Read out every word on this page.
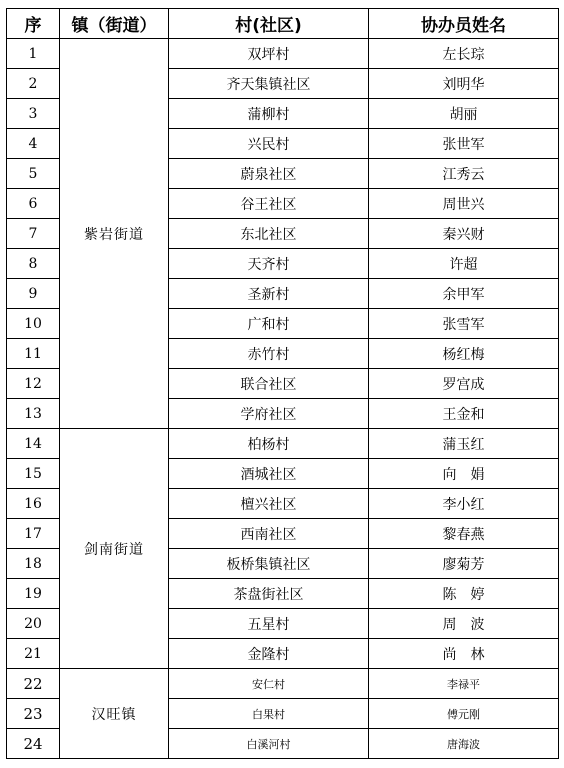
序	镇（街道）	村(社区)	协办员姓名
1	紫岩街道	双坪村	左长琮
2		齐天集镇社区	刘明华
3		蒲柳村	胡丽
4		兴民村	张世军
5		蔚泉社区	江秀云
6		谷王社区	周世兴
7		东北社区	秦兴财
8		天齐村	许超
9		圣新村	余甲军
10		广和村	张雪军
11		赤竹村	杨红梅
12		联合社区	罗宫成
13		学府社区	王金和
14	剑南街道	柏杨村	蒲玉红
15		酒城社区	向　娟
16		檀兴社区	李小红
17		西南社区	黎春燕
18		板桥集镇社区	廖菊芳
19		茶盘街社区	陈　婷
20		五星村	周　波
21		金隆村	尚　林
22	汉旺镇	安仁村	李禄平
23		白果村	傅元刚
24		白溪河村	唐海波
